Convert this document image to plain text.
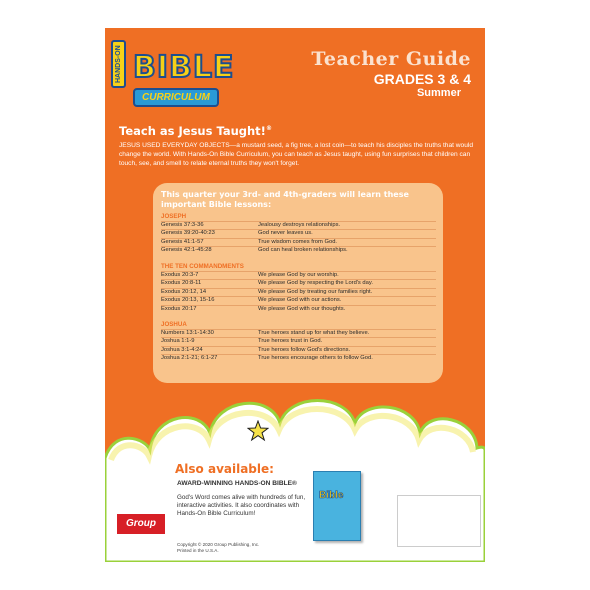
BIBLE
CURRICULUM
HANDS-ON	Teacher Guide
GRADES 3 & 4
Summer
Teach as Jesus Taught!®
JESUS USED EVERYDAY OBJECTS—a mustard seed, a fig tree, a lost coin—to teach his disciples the truths that would change the world. With Hands-On Bible Curriculum, you can teach as Jesus taught, using fun surprises that children can touch, see, and smell to relate eternal truths they won't forget.
This quarter your 3rd- and 4th-graders will learn these important Bible lessons:
JOSEPH
Genesis 37:3-36	Jealousy destroys relationships.
Genesis 39:20-40:23	God never leaves us.
Genesis 41:1-57	True wisdom comes from God.
Genesis 42:1-45:28	God can heal broken relationships.
THE TEN COMMANDMENTS
Exodus 20:3-7	We please God by our worship.
Exodus 20:8-11	We please God by respecting the Lord's day.
Exodus 20:12, 14	We please God by treating our families right.
Exodus 20:13, 15-16	We please God with our actions.
Exodus 20:17	We please God with our thoughts.
JOSHUA
Numbers 13:1-14:30	True heroes stand up for what they believe.
Joshua 1:1-9	True heroes trust in God.
Joshua 3:1-4:24	True heroes follow God's directions.
Joshua 2:1-21; 6:1-27	True heroes encourage others to follow God.
Also available:
AWARD-WINNING HANDS-ON BIBLE®
God's Word comes alive with hundreds of fun, interactive activities. It also coordinates with Hands-On Bible Curriculum!
Bible
Group
Copyright © 2020 Group Publishing, Inc.
Printed in the U.S.A.
